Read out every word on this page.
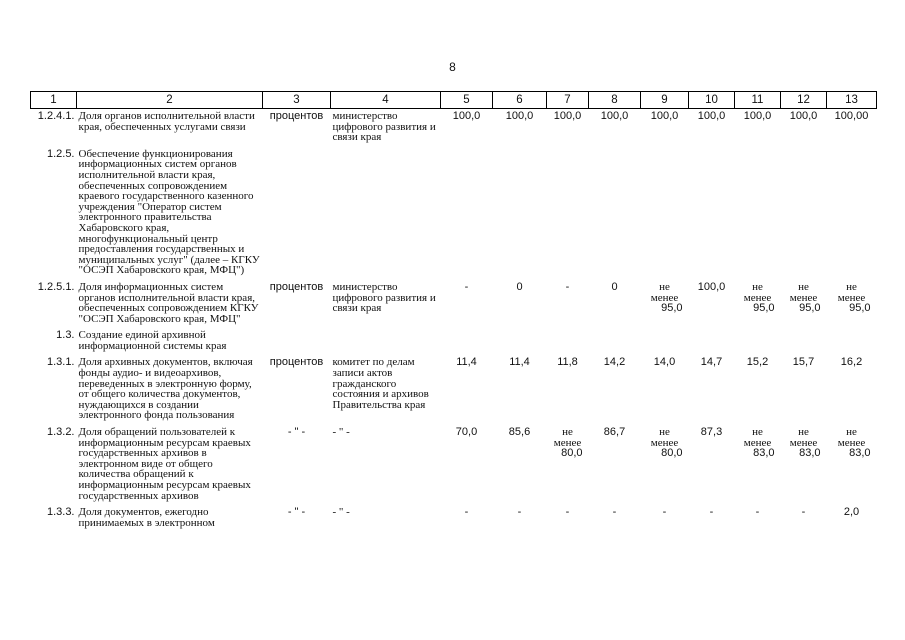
8
1	2	3	4	5	6	7	8	9	10	11	12	13
1.2.4.1.	Доля органов исполнительной власти края, обеспеченных услугами связи	процентов	министерство цифрового развития и связи края	100,0	100,0	100,0	100,0	100,0	100,0	100,0	100,0	100,00
1.2.5.	Обеспечение функционирования информационных систем органов исполнительной власти края, обеспеченных сопровождением краевого государственного казенного учреждения "Оператор систем электронного правительства Хабаровского края, многофункциональный центр предоставления государственных и муниципальных услуг" (далее – КГКУ "ОСЭП Хабаровского края, МФЦ")											
1.2.5.1.	Доля информационных систем органов исполнительной власти края, обеспеченных сопровождением КГКУ "ОСЭП Хабаровского края, МФЦ"	процентов	министерство цифрового развития и связи края	-	0	-	0	не
менее
95,0	100,0	не
менее
95,0	не
менее
95,0	не
менее
95,0

1.3.	Создание единой архивной информационной системы края											
1.3.1.	Доля архивных документов, включая фонды аудио- и видеоархивов, переведенных в электронную форму, от общего количества документов, нуждающихся в создании электронного фонда пользования	процентов	комитет по делам записи актов гражданского состояния и архивов Правительства края	11,4	11,4	11,8	14,2	14,0	14,7	15,2	15,7	16,2
1.3.2.	Доля обращений пользователей к информационным ресурсам краевых государственных архивов в электронном виде от общего количества обращений к информационным ресурсам краевых государственных архивов	- " -	- " -	70,0	85,6	не
менее
80,0	86,7	не
менее
80,0	87,3	не
менее
83,0	не
менее
83,0	не
менее
83,0

1.3.3.	Доля документов, ежегодно принимаемых в электронном	- " -	- " -	-	-	-	-	-	-	-	-	2,0
